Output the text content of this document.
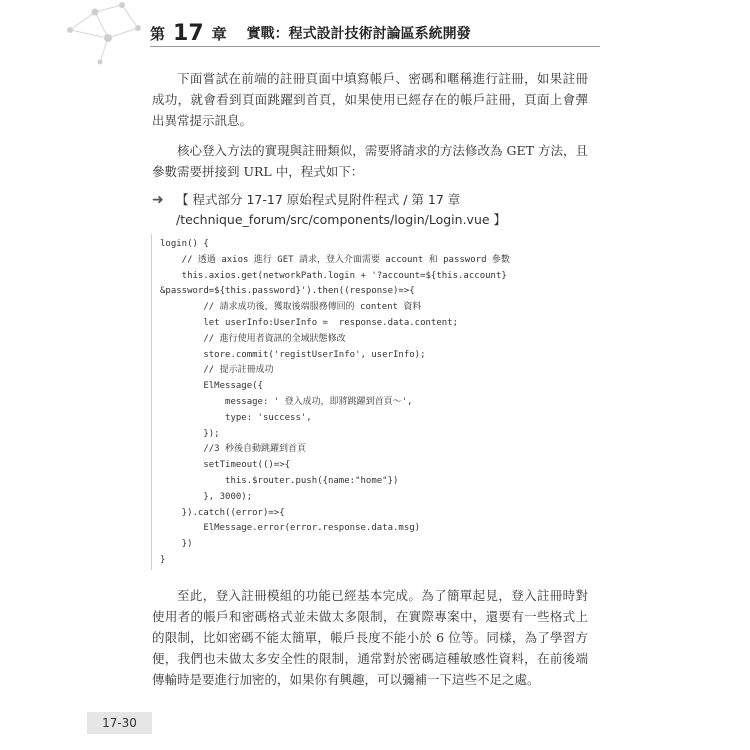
第 17 章 實戰：程式設計技術討論區系統開發

下面嘗試在前端的註冊頁面中填寫帳戶、密碼和暱稱進行註冊，如果註冊成功，就會看到頁面跳躍到首頁，如果使用已經存在的帳戶註冊，頁面上會彈出異常提示訊息。

核心登入方法的實現與註冊類似，需要將請求的方法修改為 GET 方法，且參數需要拼接到 URL 中，程式如下：

➜ 【 程式部分 17-17 原始程式見附件程式 / 第 17 章 /technique_forum/src/components/login/Login.vue 】
login() {
// 透過 axios 進行 GET 請求，登入介面需要 account 和 password 參數
this.axios.get(networkPath.login + '?account=${this.account}
&password=${this.password}').then((response)=>{
// 請求成功後，獲取後端服務傳回的 content 資料
let userInfo:UserInfo =  response.data.content;
// 進行使用者資訊的全域狀態修改
store.commit('registUserInfo', userInfo);
// 提示註冊成功
ElMessage({
message: ' 登入成功，即將跳躍到首頁～',
type: 'success',
});
//3 秒後自動跳躍到首頁
setTimeout(()=>{
this.$router.push({name:"home"})
}, 3000);
}).catch((error)=>{
ElMessage.error(error.response.data.msg)
})
}

至此，登入註冊模組的功能已經基本完成。為了簡單起見，登入註冊時對使用者的帳戶和密碼格式並未做太多限制，在實際專案中，還要有一些格式上的限制，比如密碼不能太簡單，帳戶長度不能小於 6 位等。同樣，為了學習方便，我們也未做太多安全性的限制，通常對於密碼這種敏感性資料，在前後端傳輸時是要進行加密的，如果你有興趣，可以彌補一下這些不足之處。

17-30
